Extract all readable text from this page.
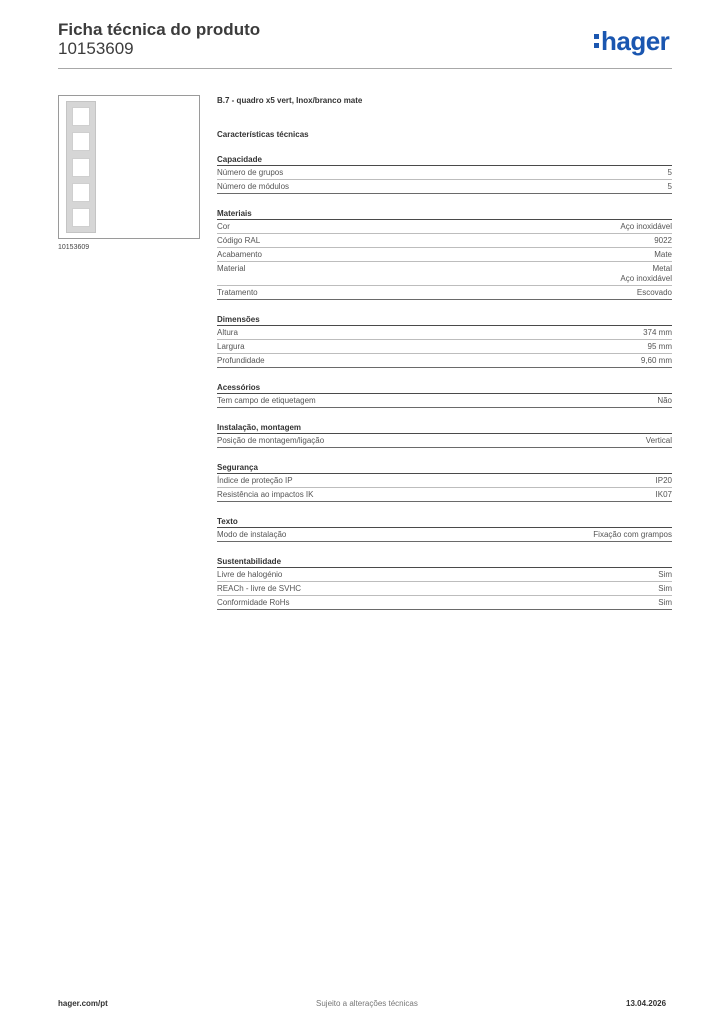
Ficha técnica do produto
10153609	hager
10153609
B.7 - quadro x5 vert, Inox/branco mate
Características técnicas
Capacidade
Número de grupos	5
Número de módulos	5
Materiais
Cor	Aço inoxidável
Código RAL	9022
Acabamento	Mate
Material	Metal
Aço inoxidável
Tratamento	Escovado
Dimensões
Altura	374 mm
Largura	95 mm
Profundidade	9,60 mm
Acessórios
Tem campo de etiquetagem	Não
Instalação, montagem
Posição de montagem/ligação	Vertical
Segurança
Índice de proteção IP	IP20
Resistência ao impactos IK	IK07
Texto
Modo de instalação	Fixação com grampos
Sustentabilidade
Livre de halogénio	Sim
REACh - livre de SVHC	Sim
Conformidade RoHs	Sim
hager.com/pt	Sujeito a alterações técnicas	13.04.2026
